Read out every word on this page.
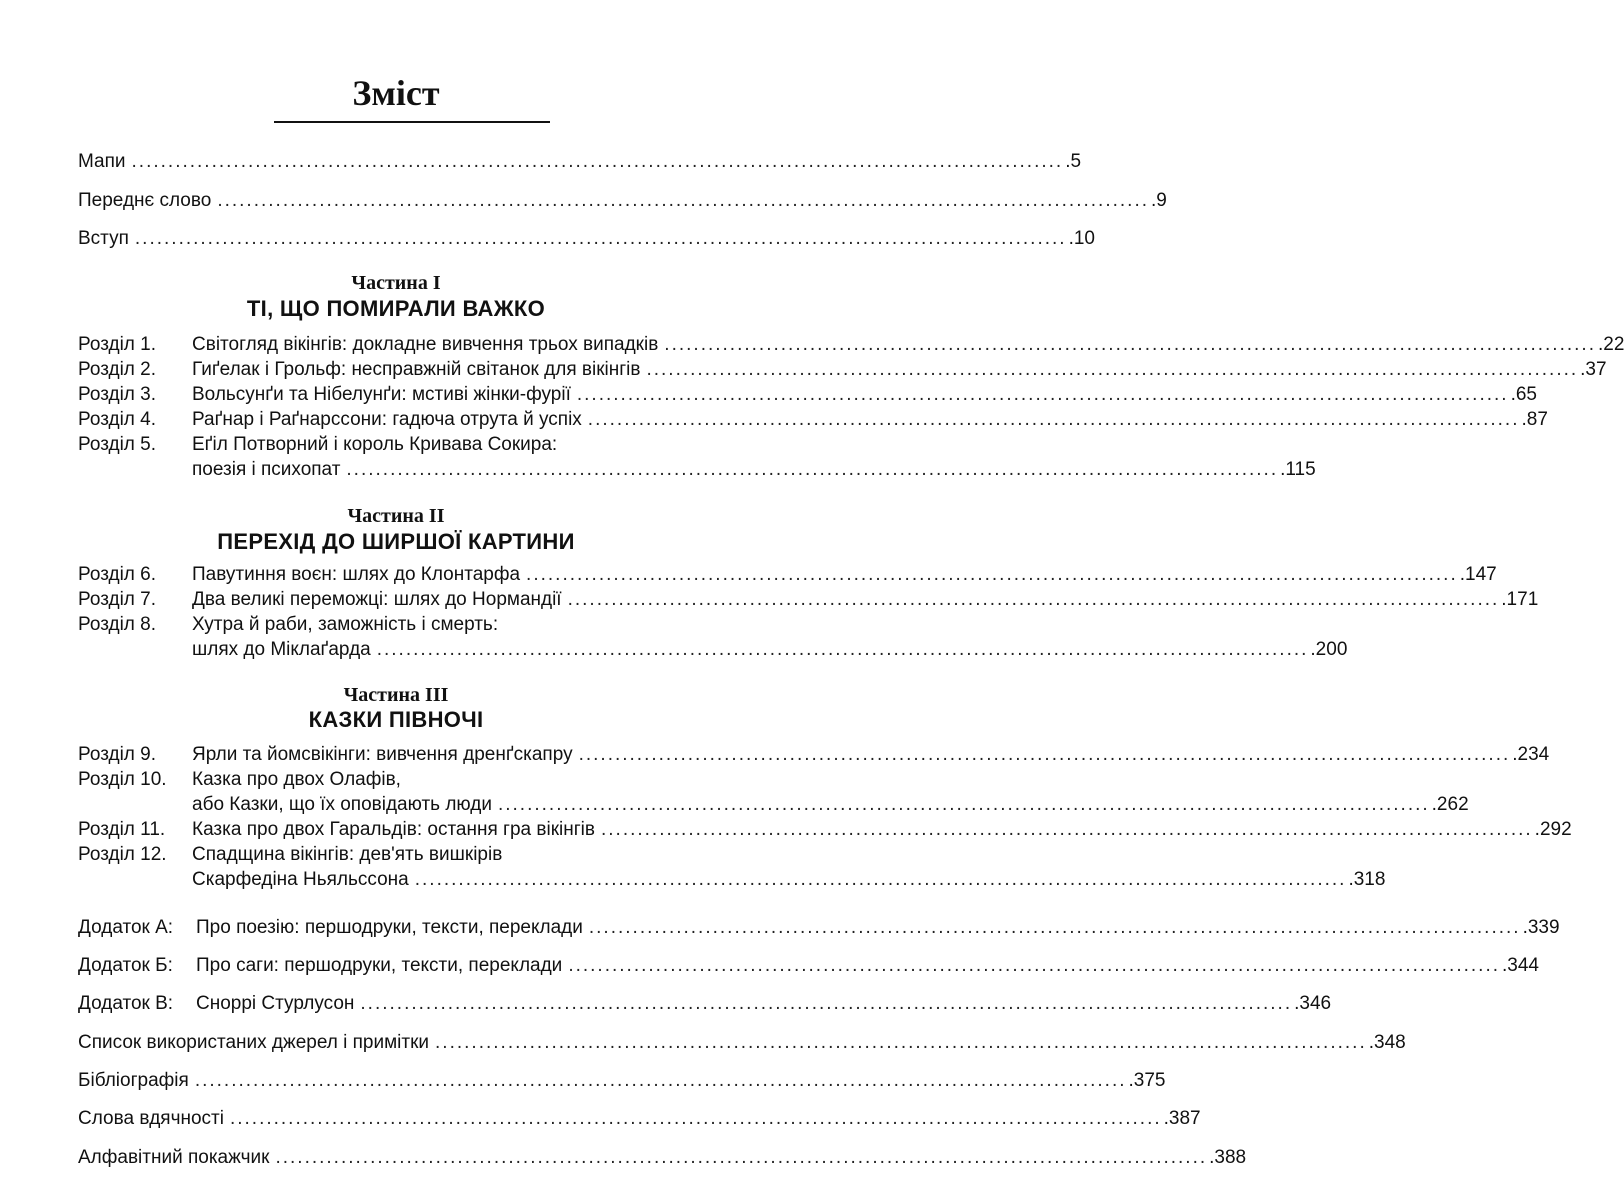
Зміст
Мапи ................................................................................................................................ .5
Переднє слово ................................................................................................................................ .9
Вступ ................................................................................................................................ .10
Частина І
ТІ, ЩО ПОМИРАЛИ ВАЖКО
Розділ 1. Світогляд вікінгів: докладне вивчення трьох випадків ................................................................................................................................ .22
Розділ 2. Гиґелак і Грольф: несправжній світанок для вікінгів ................................................................................................................................ .37
Розділ 3. Вольсунґи та Нібелунґи: мстиві жінки-фурії ................................................................................................................................ .65
Розділ 4. Раґнар і Раґнарссони: гадюча отрута й успіх ................................................................................................................................ .87
Розділ 5. Еґіл Потворний і король Кривава Сокира:
поезія і психопат ................................................................................................................................ .115
Частина ІІ
ПЕРЕХІД ДО ШИРШОЇ КАРТИНИ
Розділ 6. Павутиння воєн: шлях до Клонтарфа ................................................................................................................................ .147
Розділ 7. Два великі переможці: шлях до Нормандії ................................................................................................................................ .171
Розділ 8. Хутра й раби, заможність і смерть:
шлях до Міклаґарда ................................................................................................................................ .200
Частина ІІІ
КАЗКИ ПІВНОЧІ
Розділ 9. Ярли та йомсвікінги: вивчення дренґскапру ................................................................................................................................ .234
Розділ 10. Казка про двох Олафів,
або Казки, що їх оповідають люди ................................................................................................................................ .262
Розділ 11. Казка про двох Гаральдів: остання гра вікінгів ................................................................................................................................ .292
Розділ 12. Спадщина вікінгів: дев'ять вишкірів
Скарфедіна Ньяльссона ................................................................................................................................ .318
Додаток А:	Про поезію: першодруки, тексти, переклади ................................................................................................................................ .339
Додаток Б:	Про саги: першодруки, тексти, переклади ................................................................................................................................ .344
Додаток В:	Снорpi Стурлусон ................................................................................................................................ .346
Список використаних джерел і примітки ................................................................................................................................ .348
Бібліографія ................................................................................................................................ .375
Слова вдячності ................................................................................................................................ .387
Алфавітний покажчик ................................................................................................................................ .388
